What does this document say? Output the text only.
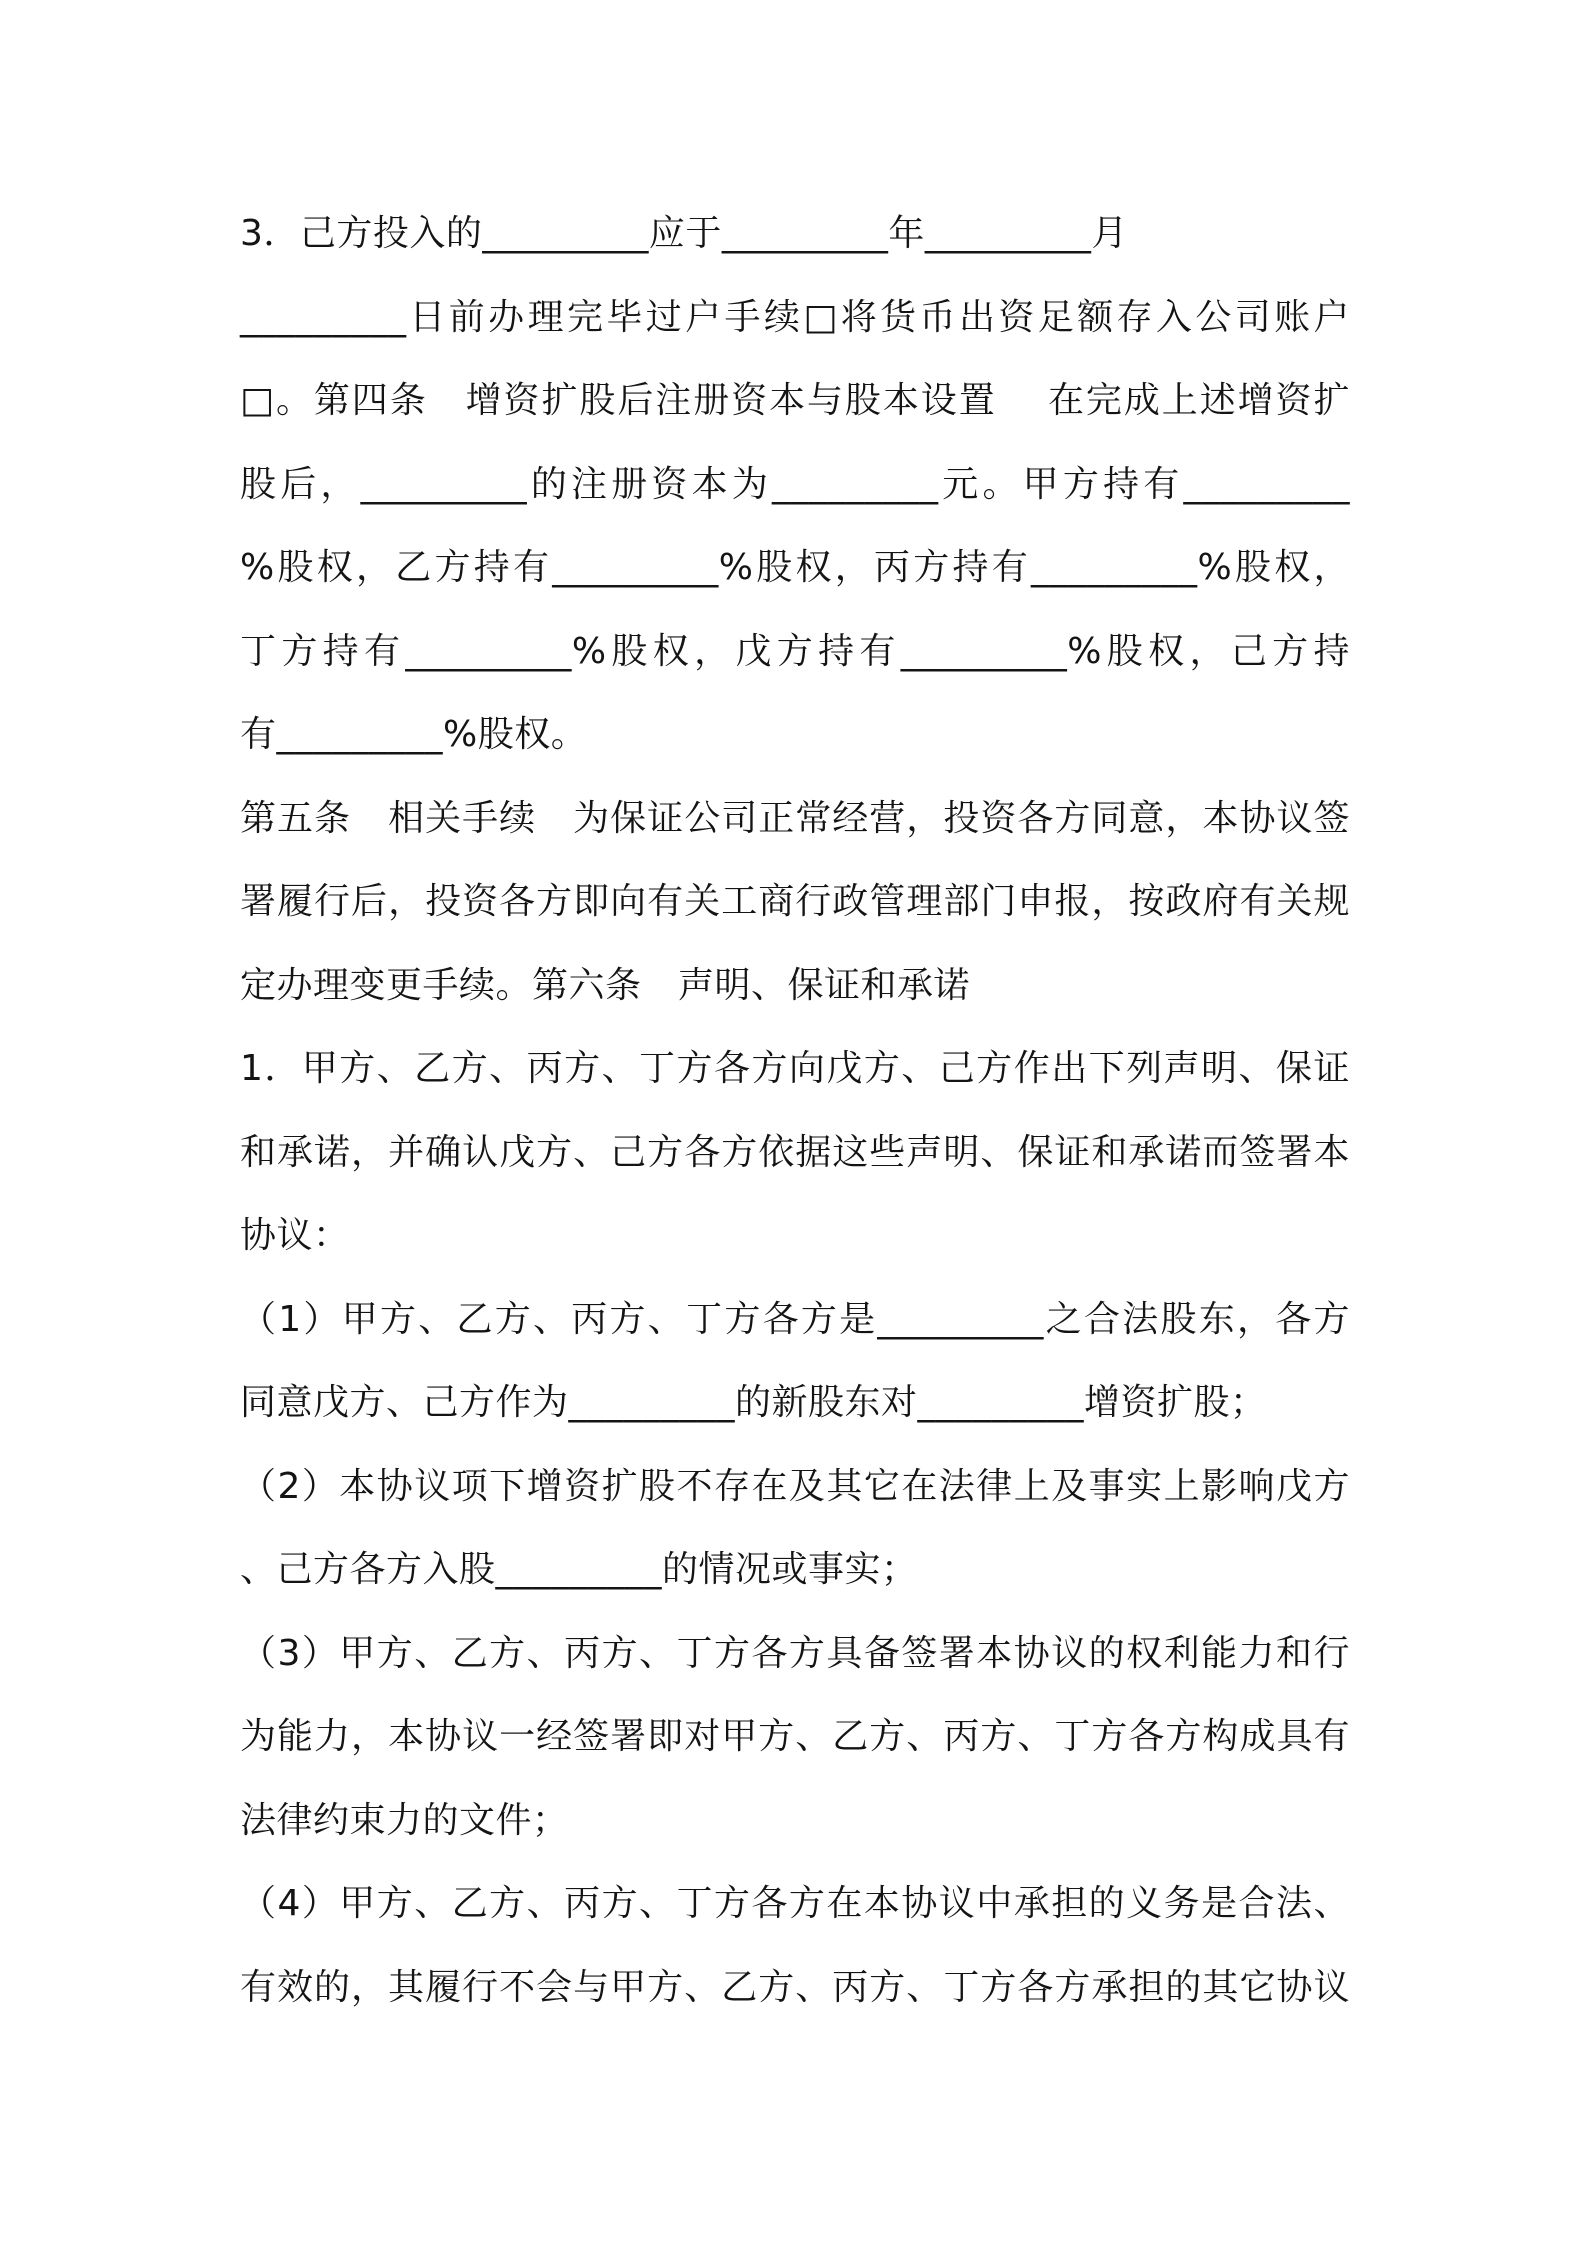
3．己方投入的_________应于_________年_________月
_________日前办理完毕过户手续□将货币出资足额存入公司账户
□。第四条　增资扩股后注册资本与股本设置　 在完成上述增资扩
股后，_________的注册资本为_________元。甲方持有_________
%股权，乙方持有_________%股权，丙方持有_________%股权，
丁方持有_________%股权，戊方持有_________%股权，己方持
有_________%股权。
第五条　相关手续　为保证公司正常经营，投资各方同意，本协议签
署履行后，投资各方即向有关工商行政管理部门申报，按政府有关规
定办理变更手续。第六条　声明、保证和承诺
1．甲方、乙方、丙方、丁方各方向戊方、己方作出下列声明、保证
和承诺，并确认戊方、己方各方依据这些声明、保证和承诺而签署本
协议：
（1）甲方、乙方、丙方、丁方各方是_________之合法股东，各方
同意戊方、己方作为_________的新股东对_________增资扩股；
（2）本协议项下增资扩股不存在及其它在法律上及事实上影响戊方
、己方各方入股_________的情况或事实；
（3）甲方、乙方、丙方、丁方各方具备签署本协议的权利能力和行
为能力，本协议一经签署即对甲方、乙方、丙方、丁方各方构成具有
法律约束力的文件；
（4）甲方、乙方、丙方、丁方各方在本协议中承担的义务是合法、
有效的，其履行不会与甲方、乙方、丙方、丁方各方承担的其它协议
